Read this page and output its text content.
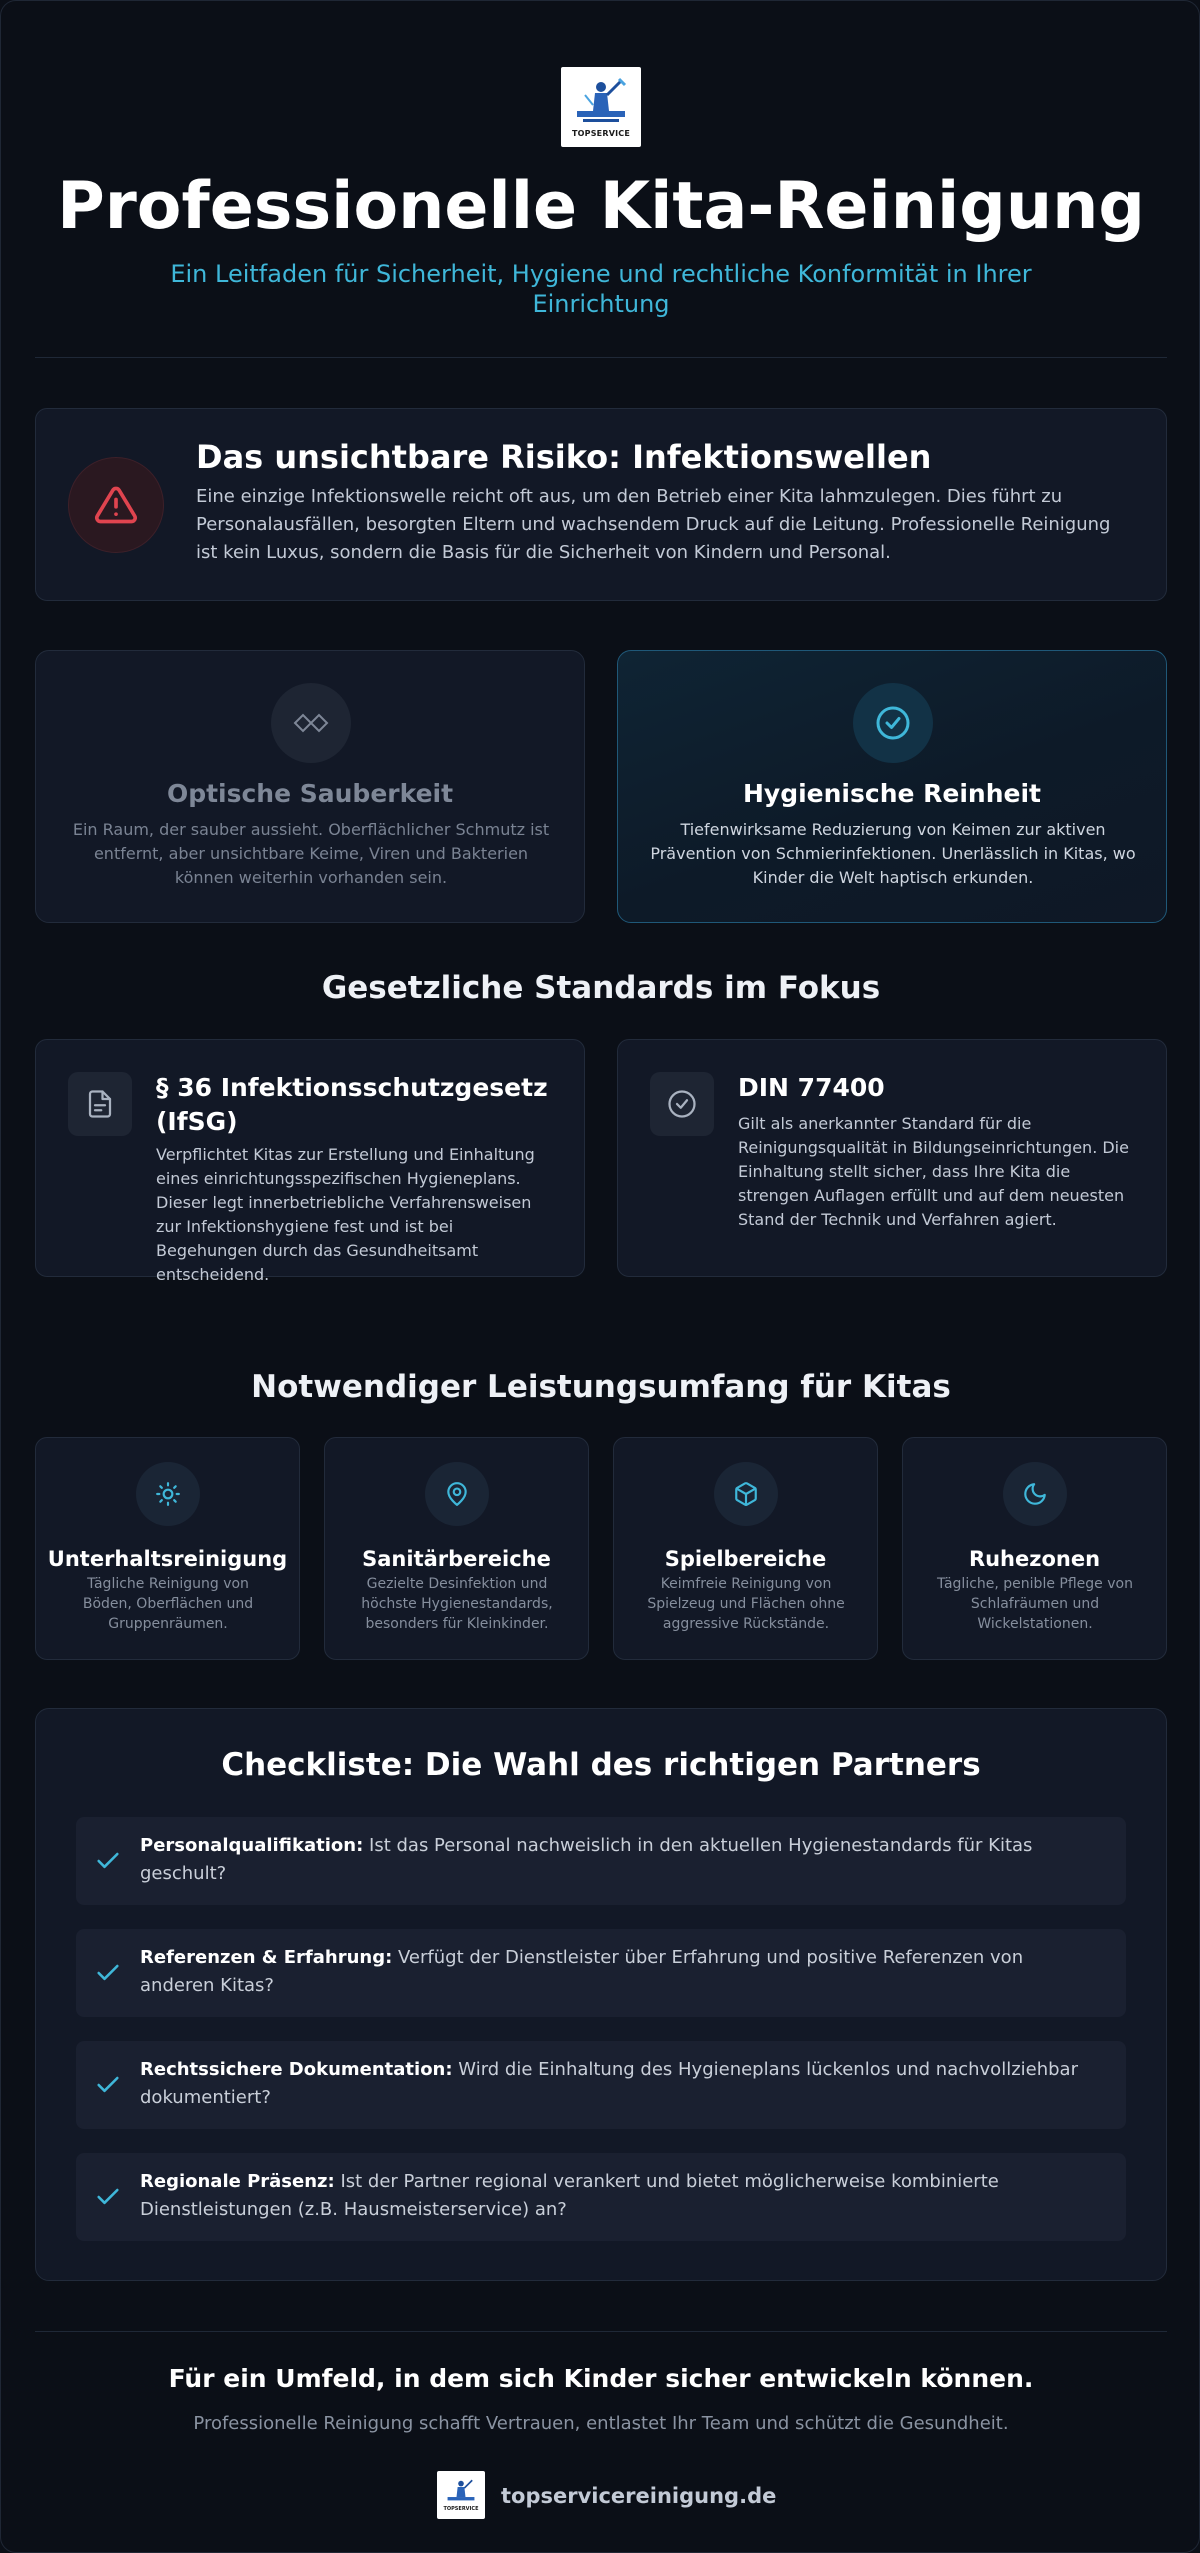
TOPSERVICE
Professionelle Kita-Reinigung
Ein Leitfaden für Sicherheit, Hygiene und rechtliche Konformität in Ihrer Einrichtung
Das unsichtbare Risiko: Infektionswellen

Eine einzige Infektionswelle reicht oft aus, um den Betrieb einer Kita lahmzulegen. Dies führt zu Personalausfällen, besorgten Eltern und wachsendem Druck auf die Leitung. Professionelle Reinigung ist kein Luxus, sondern die Basis für die Sicherheit von Kindern und Personal.

Optische Sauberkeit

Ein Raum, der sauber aussieht. Oberflächlicher Schmutz ist entfernt, aber unsichtbare Keime, Viren und Bakterien können weiterhin vorhanden sein.

Hygienische Reinheit

Tiefenwirksame Reduzierung von Keimen zur aktiven Prävention von Schmierinfektionen. Unerlässlich in Kitas, wo Kinder die Welt haptisch erkunden.

Gesetzliche Standards im Fokus
§ 36 Infektionsschutzgesetz (IfSG)

Verpflichtet Kitas zur Erstellung und Einhaltung eines einrichtungsspezifischen Hygieneplans. Dieser legt innerbetriebliche Verfahrensweisen zur Infektionshygiene fest und ist bei Begehungen durch das Gesundheitsamt entscheidend.

DIN 77400

Gilt als anerkannter Standard für die Reinigungsqualität in Bildungseinrichtungen. Die Einhaltung stellt sicher, dass Ihre Kita die strengen Auflagen erfüllt und auf dem neuesten Stand der Technik und Verfahren agiert.

Notwendiger Leistungsumfang für Kitas
Unterhaltsreinigung

Tägliche Reinigung von Böden, Oberflächen und Gruppenräumen.

Sanitärbereiche

Gezielte Desinfektion und höchste Hygienestandards, besonders für Kleinkinder.

Spielbereiche

Keimfreie Reinigung von Spielzeug und Flächen ohne aggressive Rückstände.

Ruhezonen

Tägliche, penible Pflege von Schlafräumen und Wickelstationen.

Checkliste: Die Wahl des richtigen Partners

Personalqualifikation: Ist das Personal nachweislich in den aktuellen Hygienestandards für Kitas geschult?

Referenzen & Erfahrung: Verfügt der Dienstleister über Erfahrung und positive Referenzen von anderen Kitas?

Rechtssichere Dokumentation: Wird die Einhaltung des Hygieneplans lückenlos und nachvollziehbar dokumentiert?

Regionale Präsenz: Ist der Partner regional verankert und bietet möglicherweise kombinierte Dienstleistungen (z.B. Hausmeisterservice) an?

Für ein Umfeld, in dem sich Kinder sicher entwickeln können.

Professionelle Reinigung schafft Vertrauen, entlastet Ihr Team und schützt die Gesundheit.

TOPSERVICE
topservicereinigung.de
